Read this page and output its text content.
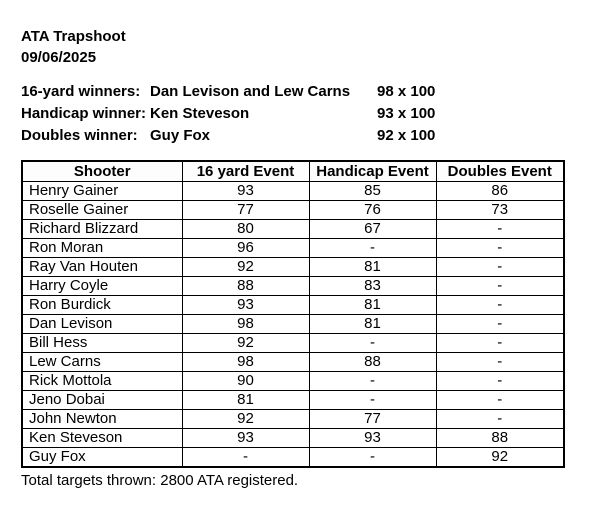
ATA Trapshoot
09/06/2025
16-yard winners: Dan Levison and Lew Carns	98 x 100
Handicap winner: Ken Steveson	93 x 100
Doubles winner: Guy Fox	92 x 100
Shooter	16 yard Event	Handicap Event	Doubles Event
Henry Gainer	93	85	86
Roselle Gainer	77	76	73
Richard Blizzard	80	67	-
Ron Moran	96	-	-
Ray Van Houten	92	81	-
Harry Coyle	88	83	-
Ron Burdick	93	81	-
Dan Levison	98	81	-
Bill Hess	92	-	-
Lew Carns	98	88	-
Rick Mottola	90	-	-
Jeno Dobai	81	-	-
John Newton	92	77	-
Ken Steveson	93	93	88
Guy Fox	-	-	92
Total targets thrown: 2800 ATA registered.
